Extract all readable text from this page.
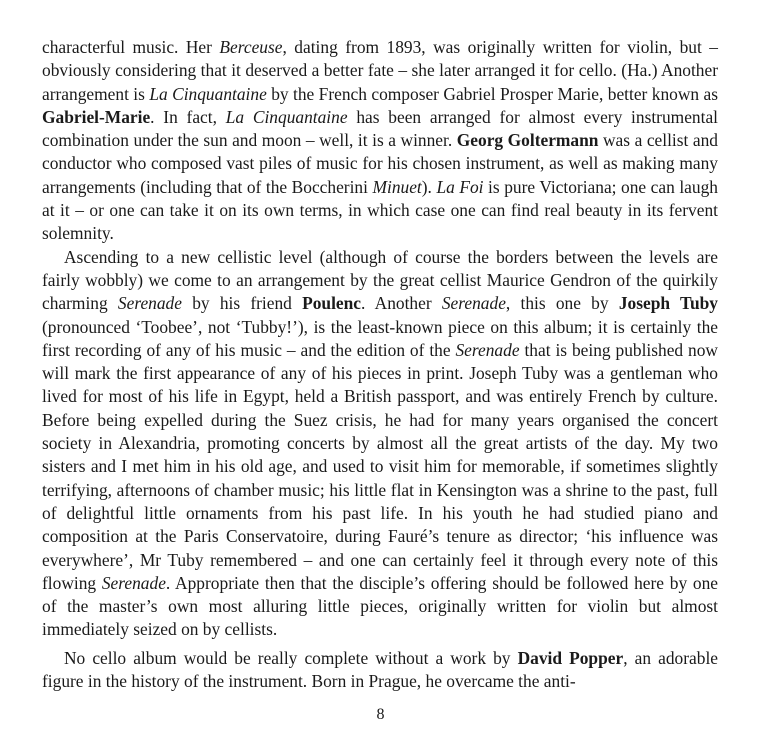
characterful music. Her Berceuse, dating from 1893, was originally written for violin, but – obviously considering that it deserved a better fate – she later arranged it for cello. (Ha.) Another arrangement is La Cinquantaine by the French composer Gabriel Prosper Marie, better known as Gabriel-Marie. In fact, La Cinquantaine has been arranged for almost every instrumental combination under the sun and moon – well, it is a winner. Georg Goltermann was a cellist and conductor who composed vast piles of music for his chosen instrument, as well as making many arrangements (including that of the Boccherini Minuet). La Foi is pure Victoriana; one can laugh at it – or one can take it on its own terms, in which case one can find real beauty in its fervent solemnity.

Ascending to a new cellistic level (although of course the borders between the levels are fairly wobbly) we come to an arrangement by the great cellist Maurice Gendron of the quirkily charming Serenade by his friend Poulenc. Another Serenade, this one by Joseph Tuby (pronounced ‘Toobee’, not ‘Tubby!’), is the least-known piece on this album; it is certainly the first recording of any of his music – and the edition of the Serenade that is being published now will mark the first appearance of any of his pieces in print. Joseph Tuby was a gentleman who lived for most of his life in Egypt, held a British passport, and was entirely French by culture. Before being expelled during the Suez crisis, he had for many years organised the concert society in Alexandria, promoting concerts by almost all the great artists of the day. My two sisters and I met him in his old age, and used to visit him for memorable, if sometimes slightly terrifying, afternoons of chamber music; his little flat in Kensington was a shrine to the past, full of delightful little ornaments from his past life. In his youth he had studied piano and composition at the Paris Conservatoire, during Fauré’s tenure as director; ‘his influence was everywhere’, Mr Tuby remembered – and one can certainly feel it through every note of this flowing Serenade. Appropriate then that the disciple’s offering should be followed here by one of the master’s own most alluring little pieces, originally written for violin but almost immediately seized on by cellists.

No cello album would be really complete without a work by David Popper, an adorable figure in the history of the instrument. Born in Prague, he overcame the anti-

8
